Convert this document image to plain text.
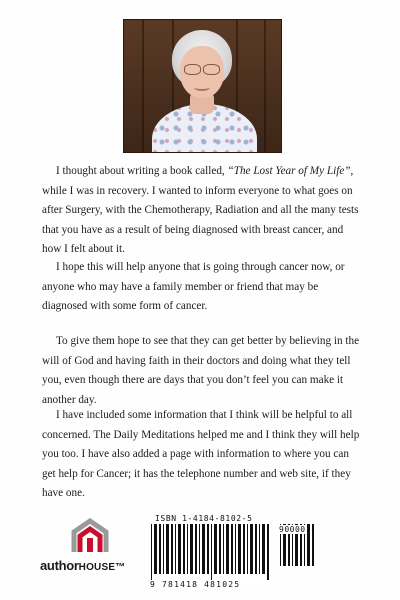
I thought about writing a book called, “The Lost Year of My Life”, while I was in recovery. I wanted to inform everyone to what goes on after Surgery, with the Chemotherapy, Radiation and all the many tests that you have as a result of being diagnosed with breast cancer, and how I felt about it.

I hope this will help anyone that is going through cancer now, or anyone who may have a family member or friend that may be diagnosed with some form of cancer.

To give them hope to see that they can get better by believing in the will of God and having faith in their doctors and doing what they tell you, even though there are days that you don’t feel you can make it another day.

I have included some information that I think will be helpful to all concerned. The Daily Meditations helped me and I think they will help you too. I have also added a page with information to where you can get help for Cancer; it has the telephone number and web site, if they have one.

authorHOUSE™
ISBN 1-4184-8102-5
90000
9 781418 481025
